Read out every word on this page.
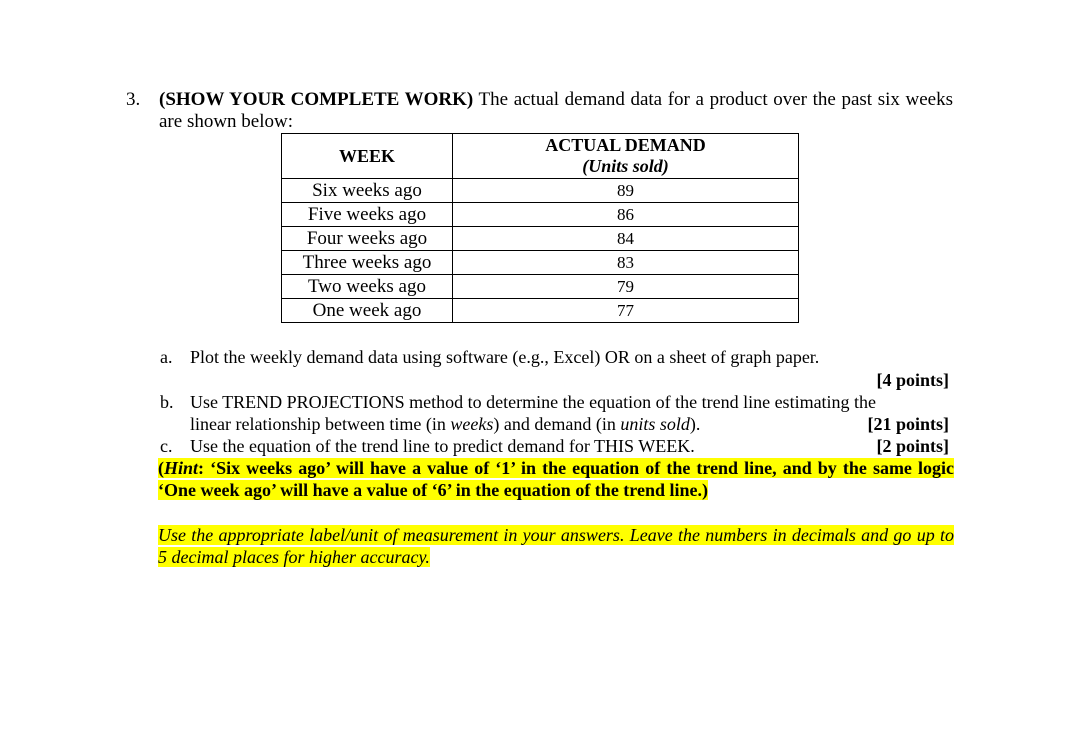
3. (SHOW YOUR COMPLETE WORK) The actual demand data for a product over the past six weeks are shown below:
WEEK	ACTUAL DEMAND
(Units sold)

Six weeks ago	89
Five weeks ago	86
Four weeks ago	84
Three weeks ago	83
Two weeks ago	79
One week ago	77
a. Plot the weekly demand data using software (e.g., Excel) OR on a sheet of graph paper.
[4 points]
b. Use TREND PROJECTIONS method to determine the equation of the trend line estimating the
linear relationship between time (in weeks) and demand (in units sold).	[21 points]
c. Use the equation of the trend line to predict demand for THIS WEEK.	[2 points]
(Hint: ‘Six weeks ago’ will have a value of ‘1’ in the equation of the trend line, and by the same logic ‘One week ago’ will have a value of ‘6’ in the equation of the trend line.)
Use the appropriate label/unit of measurement in your answers. Leave the numbers in decimals and go up to 5 decimal places for higher accuracy.
